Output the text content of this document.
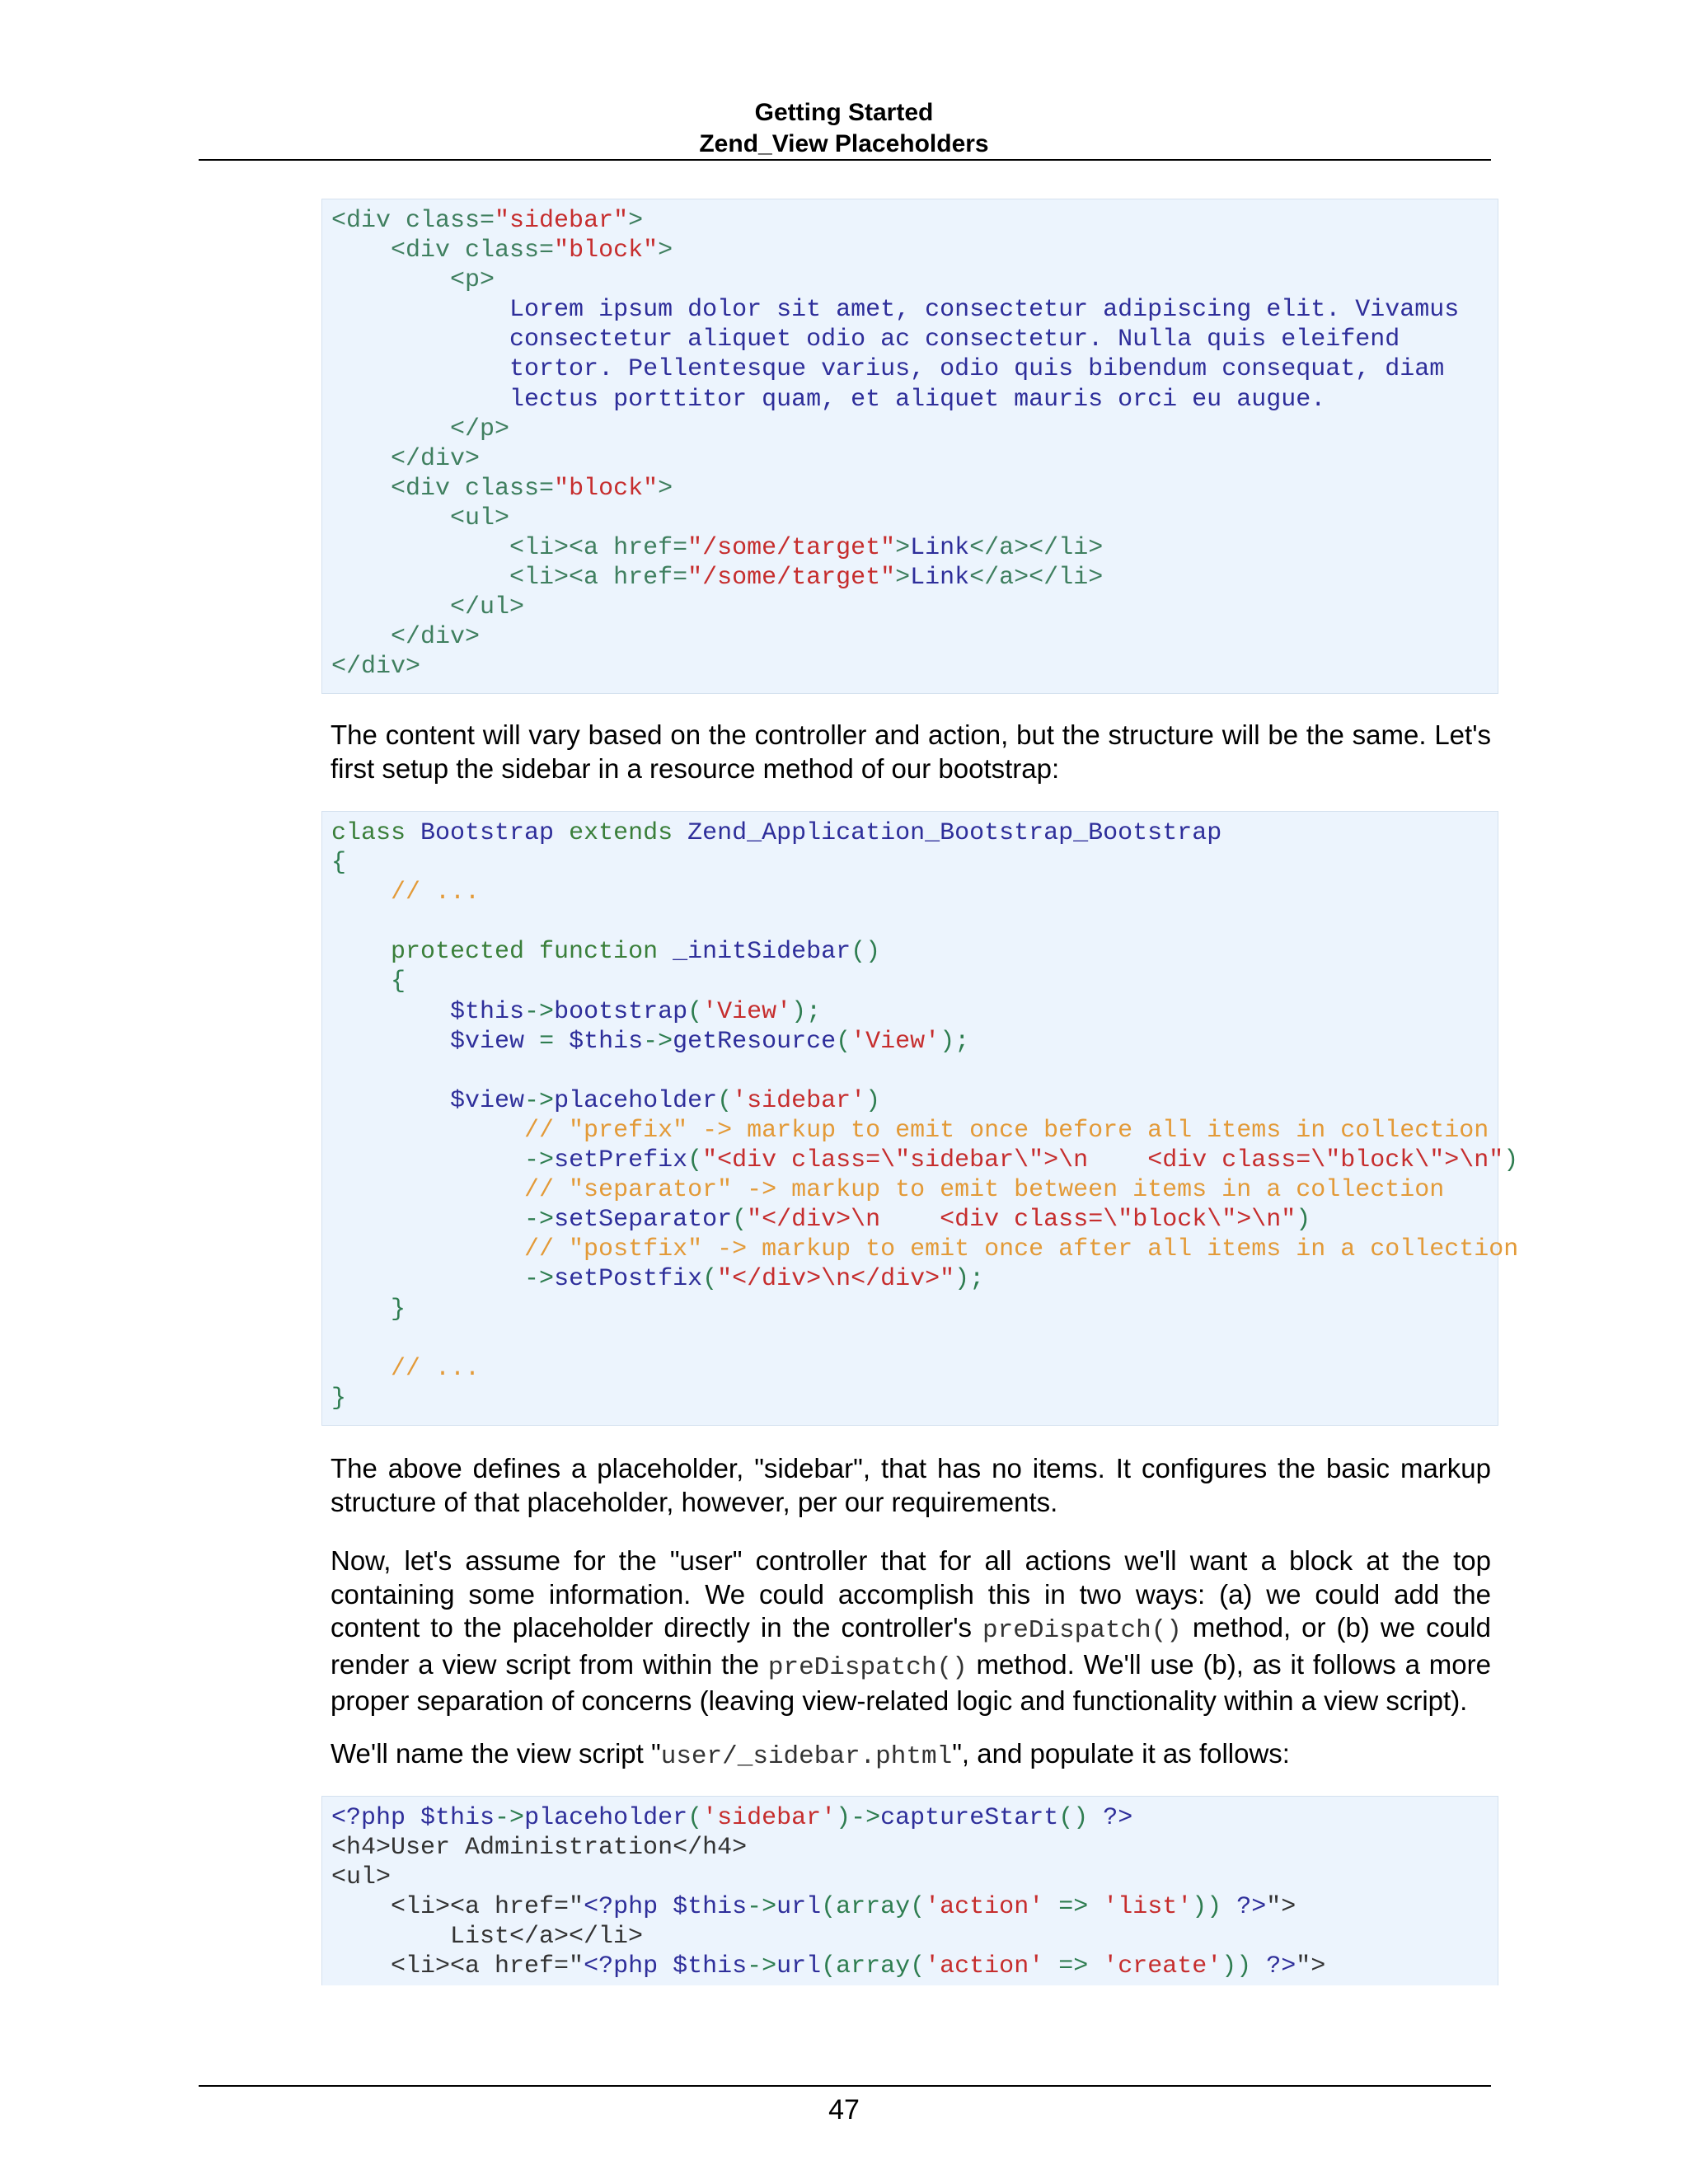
Getting Started
Zend_View Placeholders
<div class="sidebar">
<div class="block">
<p>
Lorem ipsum dolor sit amet, consectetur adipiscing elit. Vivamus
consectetur aliquet odio ac consectetur. Nulla quis eleifend
tortor. Pellentesque varius, odio quis bibendum consequat, diam
lectus porttitor quam, et aliquet mauris orci eu augue.
</p>
</div>
<div class="block">
<ul>
<li><a href="/some/target">Link</a></li>
<li><a href="/some/target">Link</a></li>
</ul>
</div>
</div>
The content will vary based on the controller and action, but the structure will be the same. Let's first setup the sidebar in a resource method of our bootstrap:
class Bootstrap extends Zend_Application_Bootstrap_Bootstrap
{
// ...
protected function _initSidebar()
{
$this->bootstrap('View');
$view = $this->getResource('View');
$view->placeholder('sidebar')
// "prefix" -> markup to emit once before all items in collection
->setPrefix("<div class=\"sidebar\">\n    <div class=\"block\">\n")
// "separator" -> markup to emit between items in a collection
->setSeparator("</div>\n    <div class=\"block\">\n")
// "postfix" -> markup to emit once after all items in a collection
->setPostfix("</div>\n</div>");
}
// ...
}
The above defines a placeholder, "sidebar", that has no items. It configures the basic markup structure of that placeholder, however, per our requirements.
Now, let's assume for the "user" controller that for all actions we'll want a block at the top containing some information. We could accomplish this in two ways: (a) we could add the content to the placeholder directly in the controller's preDispatch() method, or (b) we could render a view script from within the preDispatch() method. We'll use (b), as it follows a more proper separation of concerns (leaving view-related logic and functionality within a view script).
We'll name the view script "user/_sidebar.phtml", and populate it as follows:
<?php $this->placeholder('sidebar')->captureStart() ?>
<h4>User Administration</h4>
<ul>
<li><a href="<?php $this->url(array('action' => 'list')) ?>">
List</a></li>
<li><a href="<?php $this->url(array('action' => 'create')) ?>">
47
